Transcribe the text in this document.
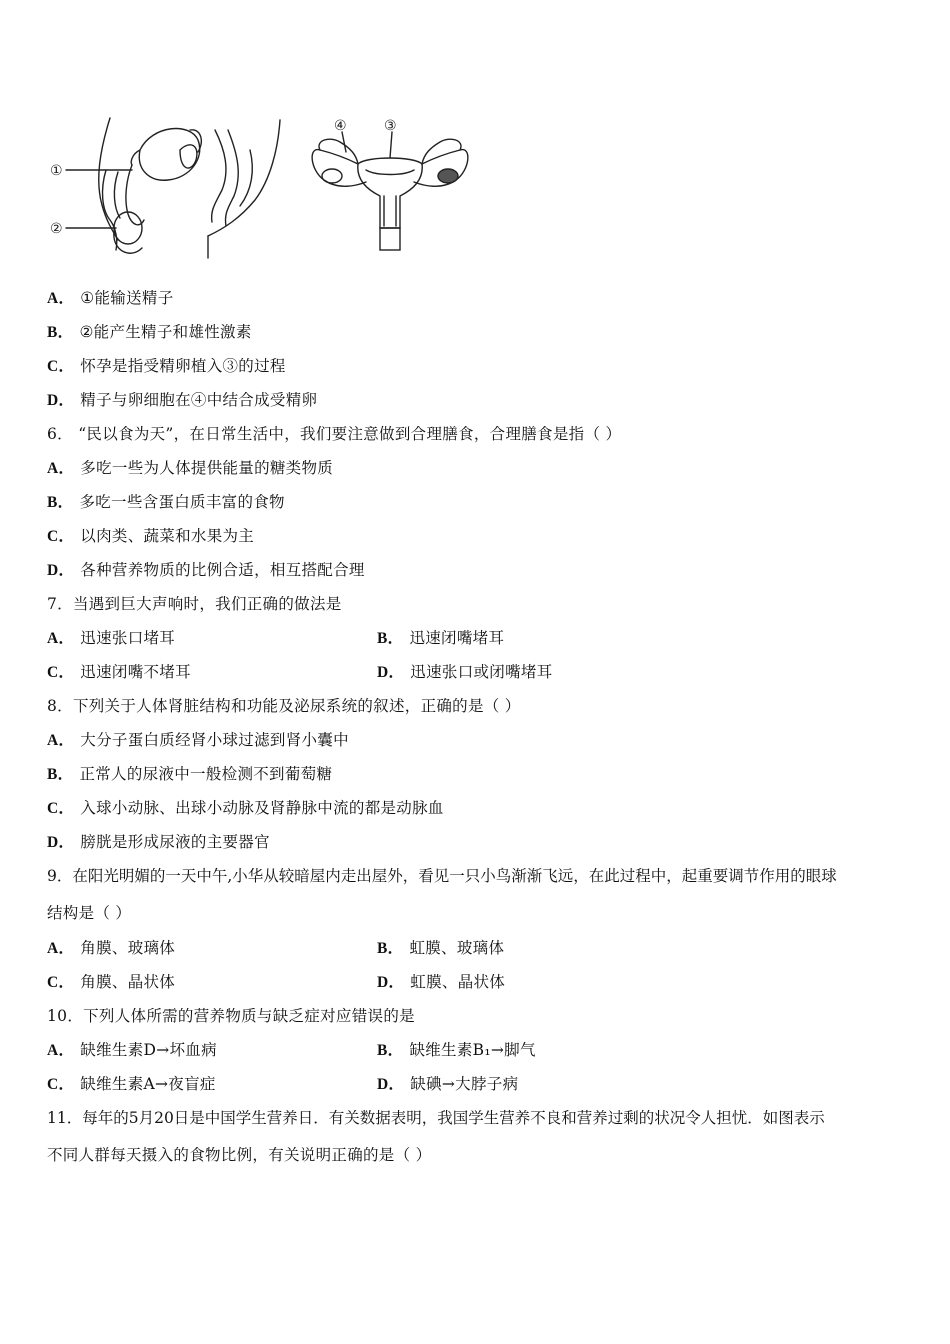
①
②
④	③
A． ①能输送精子
B． ②能产生精子和雄性激素
C． 怀孕是指受精卵植入③的过程
D． 精子与卵细胞在④中结合成受精卵
6． “民以食为天”，在日常生活中，我们要注意做到合理膳食，合理膳食是指（ ）
A． 多吃一些为人体提供能量的糖类物质
B． 多吃一些含蛋白质丰富的食物
C． 以肉类、蔬菜和水果为主
D． 各种营养物质的比例合适，相互搭配合理
7．当遇到巨大声响时，我们正确的做法是
A． 迅速张口堵耳	B． 迅速闭嘴堵耳
C． 迅速闭嘴不堵耳	D． 迅速张口或闭嘴堵耳
8．下列关于人体肾脏结构和功能及泌尿系统的叙述，正确的是（ ）
A． 大分子蛋白质经肾小球过滤到肾小囊中
B． 正常人的尿液中一般检测不到葡萄糖
C． 入球小动脉、出球小动脉及肾静脉中流的都是动脉血
D． 膀胱是形成尿液的主要器官
9．在阳光明媚的一天中午,小华从较暗屋内走出屋外，看见一只小鸟渐渐飞远，在此过程中，起重要调节作用的眼球
结构是（ ）
A． 角膜、玻璃体	B． 虹膜、玻璃体
C． 角膜、晶状体	D． 虹膜、晶状体
10．下列人体所需的营养物质与缺乏症对应错误的是
A． 缺维生素D→坏血病	B． 缺维生素B₁→脚气
C． 缺维生素A→夜盲症	D． 缺碘→大脖子病
11．每年的5月20日是中国学生营养日．有关数据表明，我国学生营养不良和营养过剩的状况令人担忧．如图表示
不同人群每天摄入的食物比例，有关说明正确的是（ ）
